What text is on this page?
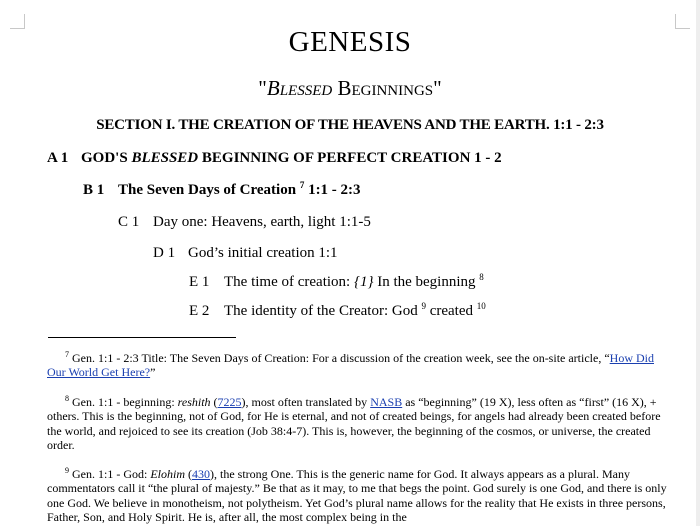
GENESIS
"Blessed Beginnings"
SECTION I. THE CREATION OF THE HEAVENS AND THE EARTH. 1:1 - 2:3
A 1 GOD'S BLESSED BEGINNING OF PERFECT CREATION 1 - 2
B 1 The Seven Days of Creation $^7$ 1:1 - 2:3
C 1 Day one: Heavens, earth, light 1:1-5
D 1 God’s initial creation 1:1
E 1 The time of creation: {1} In the beginning $^8$
E 2 The identity of the Creator: God $^9$ created $^{10}$
$^7$ Gen. 1:1 - 2:3 Title: The Seven Days of Creation: For a discussion of the creation week, see the on-site article, “How Did Our World Get Here?”
$^8$ Gen. 1:1 - beginning: reshith (7225), most often translated by NASB as “beginning” (19 X), less often as “first” (16 X), + others. This is the beginning, not of God, for He is eternal, and not of created beings, for angels had already been created before the world, and rejoiced to see its creation (Job 38:4-7). This is, however, the beginning of the cosmos, or universe, the created order.
$^9$ Gen. 1:1 - God: Elohim (430), the strong One. This is the generic name for God. It always appears as a plural. Many commentators call it “the plural of majesty.” Be that as it may, to me that begs the point. God surely is one God, and there is only one God. We believe in monotheism, not polytheism. Yet God’s plural name allows for the reality that He exists in three persons, Father, Son, and Holy Spirit. He is, after all, the most complex being in the
